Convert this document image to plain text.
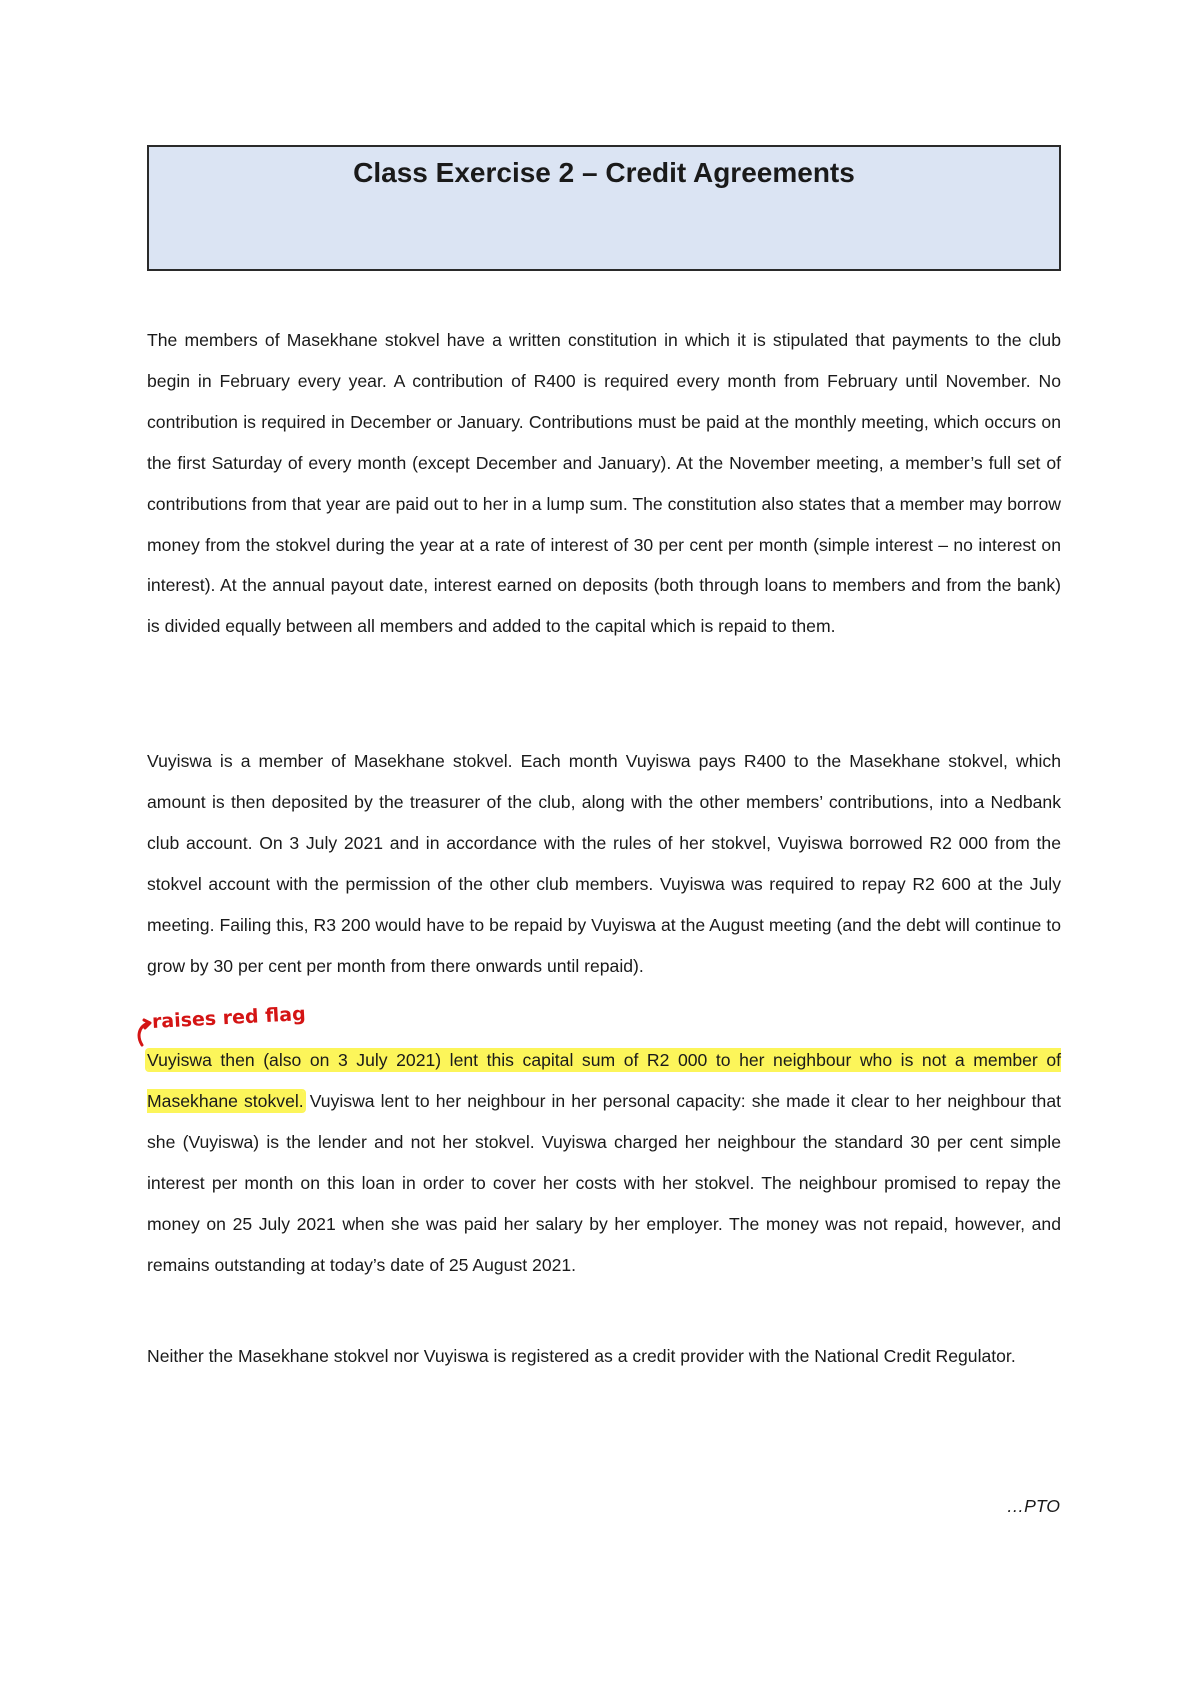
Class Exercise 2 – Credit Agreements

The members of Masekhane stokvel have a written constitution in which it is stipulated that payments to the club begin in February every year. A contribution of R400 is required every month from February until November. No contribution is required in December or January. Contributions must be paid at the monthly meeting, which occurs on the first Saturday of every month (except December and January). At the November meeting, a member’s full set of contributions from that year are paid out to her in a lump sum. The constitution also states that a member may borrow money from the stokvel during the year at a rate of interest of 30 per cent per month (simple interest – no interest on interest). At the annual payout date, interest earned on deposits (both through loans to members and from the bank) is divided equally between all members and added to the capital which is repaid to them.

Vuyiswa is a member of Masekhane stokvel. Each month Vuyiswa pays R400 to the Masekhane stokvel, which amount is then deposited by the treasurer of the club, along with the other members’ contributions, into a Nedbank club account. On 3 July 2021 and in accordance with the rules of her stokvel, Vuyiswa borrowed R2 000 from the stokvel account with the permission of the other club members. Vuyiswa was required to repay R2 600 at the July meeting. Failing this, R3 200 would have to be repaid by Vuyiswa at the August meeting (and the debt will continue to grow by 30 per cent per month from there onwards until repaid).

raises red flag

Vuyiswa then (also on 3 July 2021) lent this capital sum of R2 000 to her neighbour who is not a member of Masekhane stokvel. Vuyiswa lent to her neighbour in her personal capacity: she made it clear to her neighbour that she (Vuyiswa) is the lender and not her stokvel. Vuyiswa charged her neighbour the standard 30 per cent simple interest per month on this loan in order to cover her costs with her stokvel. The neighbour promised to repay the money on 25 July 2021 when she was paid her salary by her employer. The money was not repaid, however, and remains outstanding at today’s date of 25 August 2021.

Neither the Masekhane stokvel nor Vuyiswa is registered as a credit provider with the National Credit Regulator.

…PTO
